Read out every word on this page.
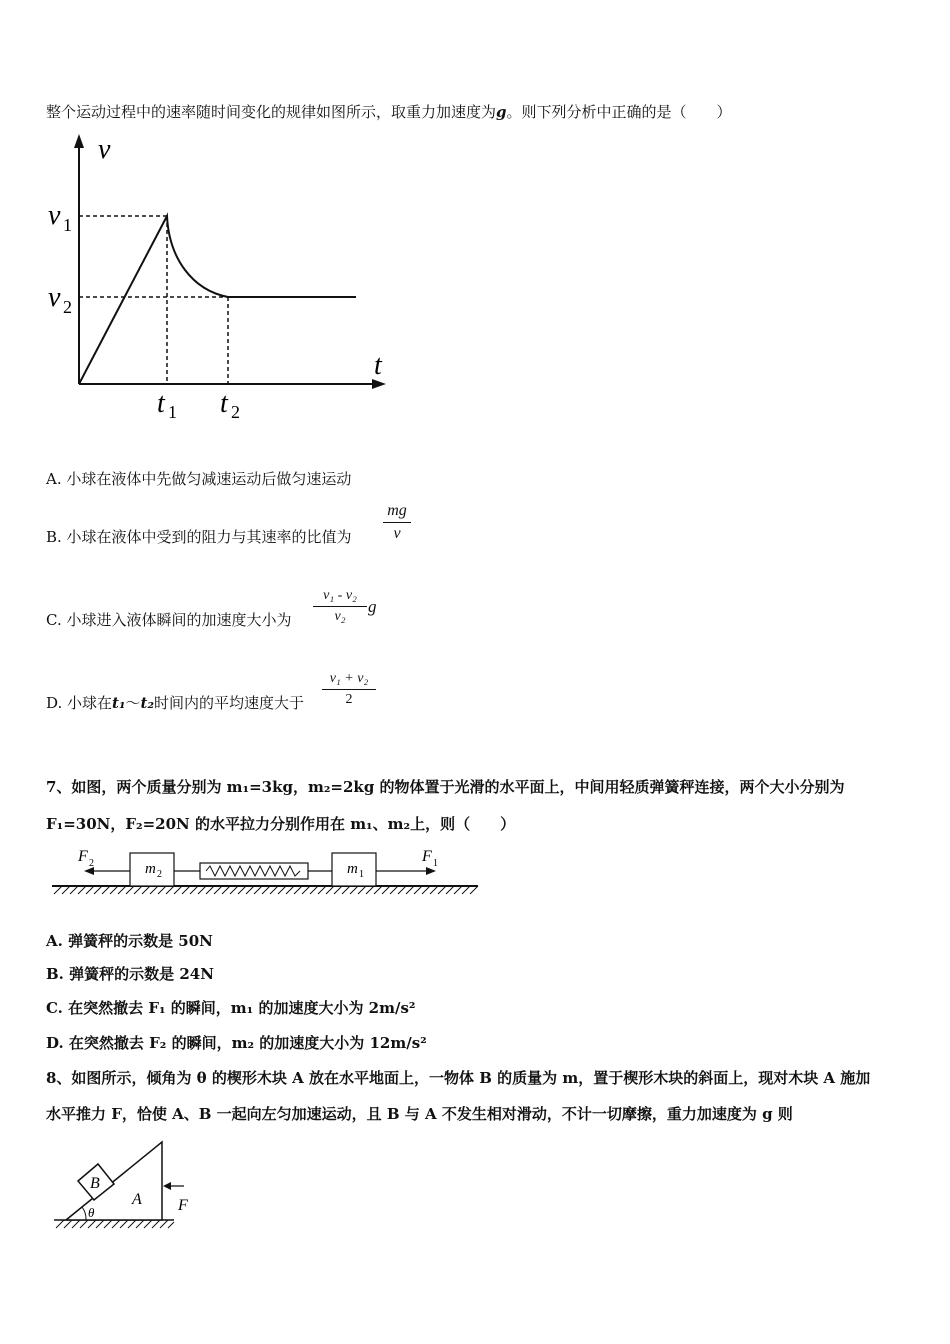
整个运动过程中的速率随时间变化的规律如图所示，取重力加速度为g。则下列分析中正确的是（　　）
v
t
v 1
v 2
t 1 t 2
A. 小球在液体中先做匀减速运动后做匀速运动
B. 小球在液体中受到的阻力与其速率的比值为
mg
v
C. 小球进入液体瞬间的加速度大小为
v₁ - v₂
v₂
g
D. 小球在t₁～t₂时间内的平均速度大于
v₁ + v₂
2
7、如图，两个质量分别为 m₁=3kg，m₂=2kg 的物体置于光滑的水平面上，中间用轻质弹簧秤连接，两个大小分别为
F₁=30N，F₂=20N 的水平拉力分别作用在 m₁、m₂上，则（　　）
F 2	m 2	m 1
F 1
A. 弹簧秤的示数是 50N
B. 弹簧秤的示数是 24N
C. 在突然撤去 F₁ 的瞬间，m₁ 的加速度大小为 2m/s²
D. 在突然撤去 F₂ 的瞬间，m₂ 的加速度大小为 12m/s²
8、如图所示，倾角为 θ 的楔形木块 A 放在水平地面上，一物体 B 的质量为 m，置于楔形木块的斜面上，现对木块 A 施加
水平推力 F，恰使 A、B 一起向左匀加速运动，且 B 与 A 不发生相对滑动，不计一切摩擦，重力加速度为 g 则
B
A F
θ
